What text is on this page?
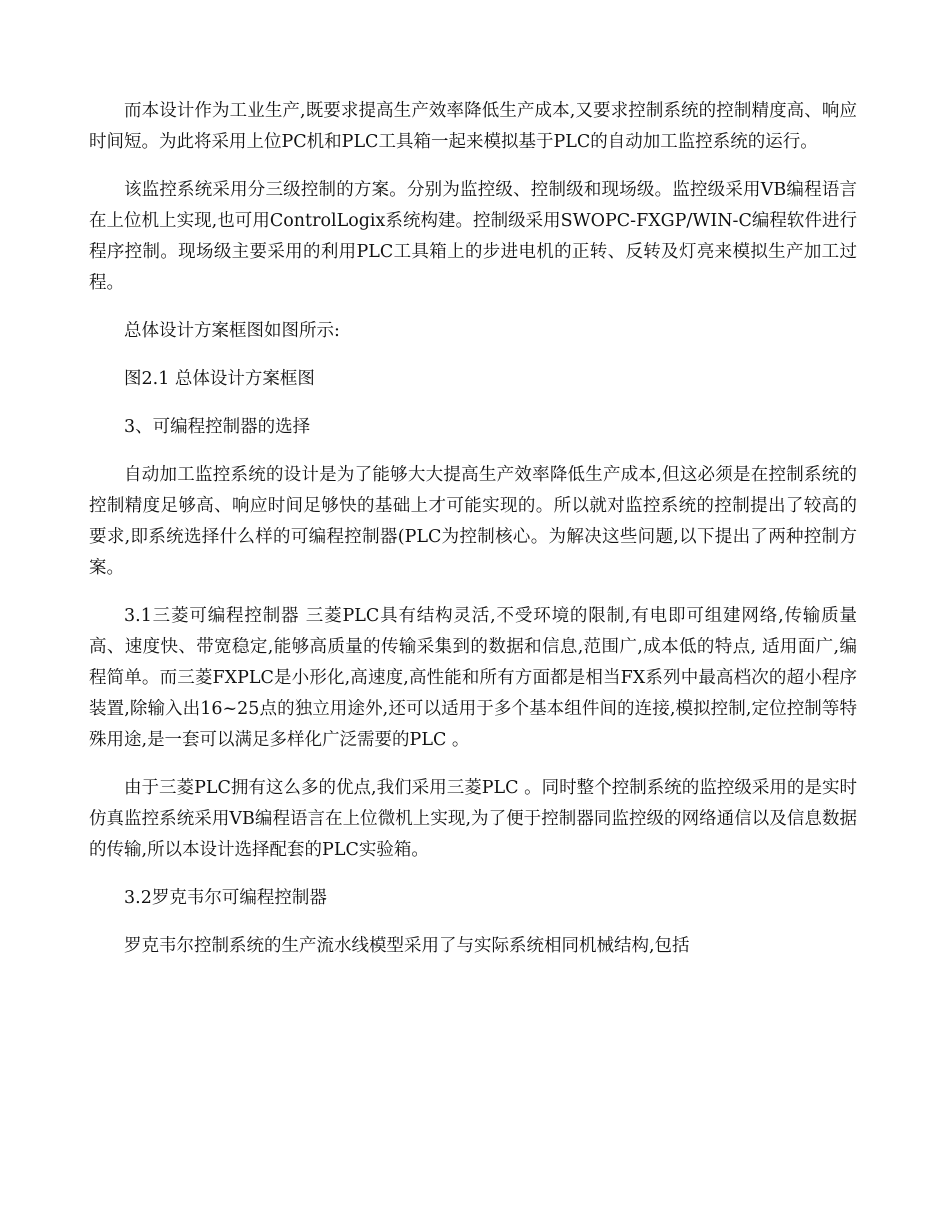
而本设计作为工业生产,既要求提高生产效率降低生产成本,又要求控制系统的控制精度高、响应时间短。为此将采用上位PC机和PLC工具箱一起来模拟基于PLC的自动加工监控系统的运行。

该监控系统采用分三级控制的方案。分别为监控级、控制级和现场级。监控级采用VB编程语言在上位机上实现,也可用ControlLogix系统构建。控制级采用SWOPC-FXGP/WIN-C编程软件进行程序控制。现场级主要采用的利用PLC工具箱上的步进电机的正转、反转及灯亮来模拟生产加工过程。

总体设计方案框图如图所示:

图2.1 总体设计方案框图

3、可编程控制器的选择

自动加工监控系统的设计是为了能够大大提高生产效率降低生产成本,但这必须是在控制系统的控制精度足够高、响应时间足够快的基础上才可能实现的。所以就对监控系统的控制提出了较高的要求,即系统选择什么样的可编程控制器(PLC为控制核心。为解决这些问题,以下提出了两种控制方案。

3.1三菱可编程控制器 三菱PLC具有结构灵活,不受环境的限制,有电即可组建网络,传输质量高、速度快、带宽稳定,能够高质量的传输采集到的数据和信息,范围广,成本低的特点, 适用面广,编程简单。而三菱FXPLC是小形化,高速度,高性能和所有方面都是相当FX系列中最高档次的超小程序装置,除输入出16~25点的独立用途外,还可以适用于多个基本组件间的连接,模拟控制,定位控制等特殊用途,是一套可以满足多样化广泛需要的PLC 。

由于三菱PLC拥有这么多的优点,我们采用三菱PLC 。同时整个控制系统的监控级采用的是实时仿真监控系统采用VB编程语言在上位微机上实现,为了便于控制器同监控级的网络通信以及信息数据的传输,所以本设计选择配套的PLC实验箱。

3.2罗克韦尔可编程控制器

罗克韦尔控制系统的生产流水线模型采用了与实际系统相同机械结构,包括
